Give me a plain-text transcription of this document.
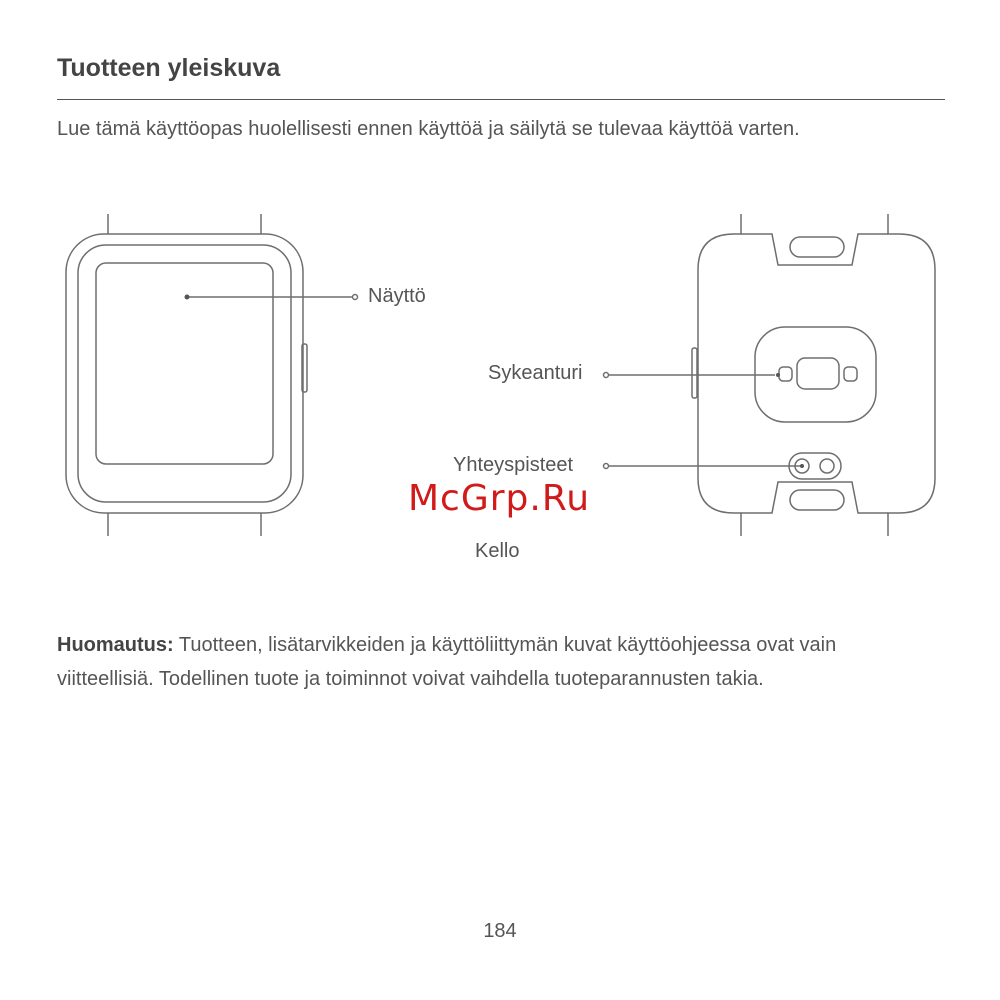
Tuotteen yleiskuva

Lue tämä käyttöopas huolellisesti ennen käyttöä ja säilytä se tulevaa käyttöä varten.

Näyttö
Sykeanturi
Yhteyspisteet
Kello
McGrp.Ru

Huomautus: Tuotteen, lisätarvikkeiden ja käyttöliittymän kuvat käyttöohjeessa ovat vain viitteellisiä. Todellinen tuote ja toiminnot voivat vaihdella tuoteparannusten takia.

184
